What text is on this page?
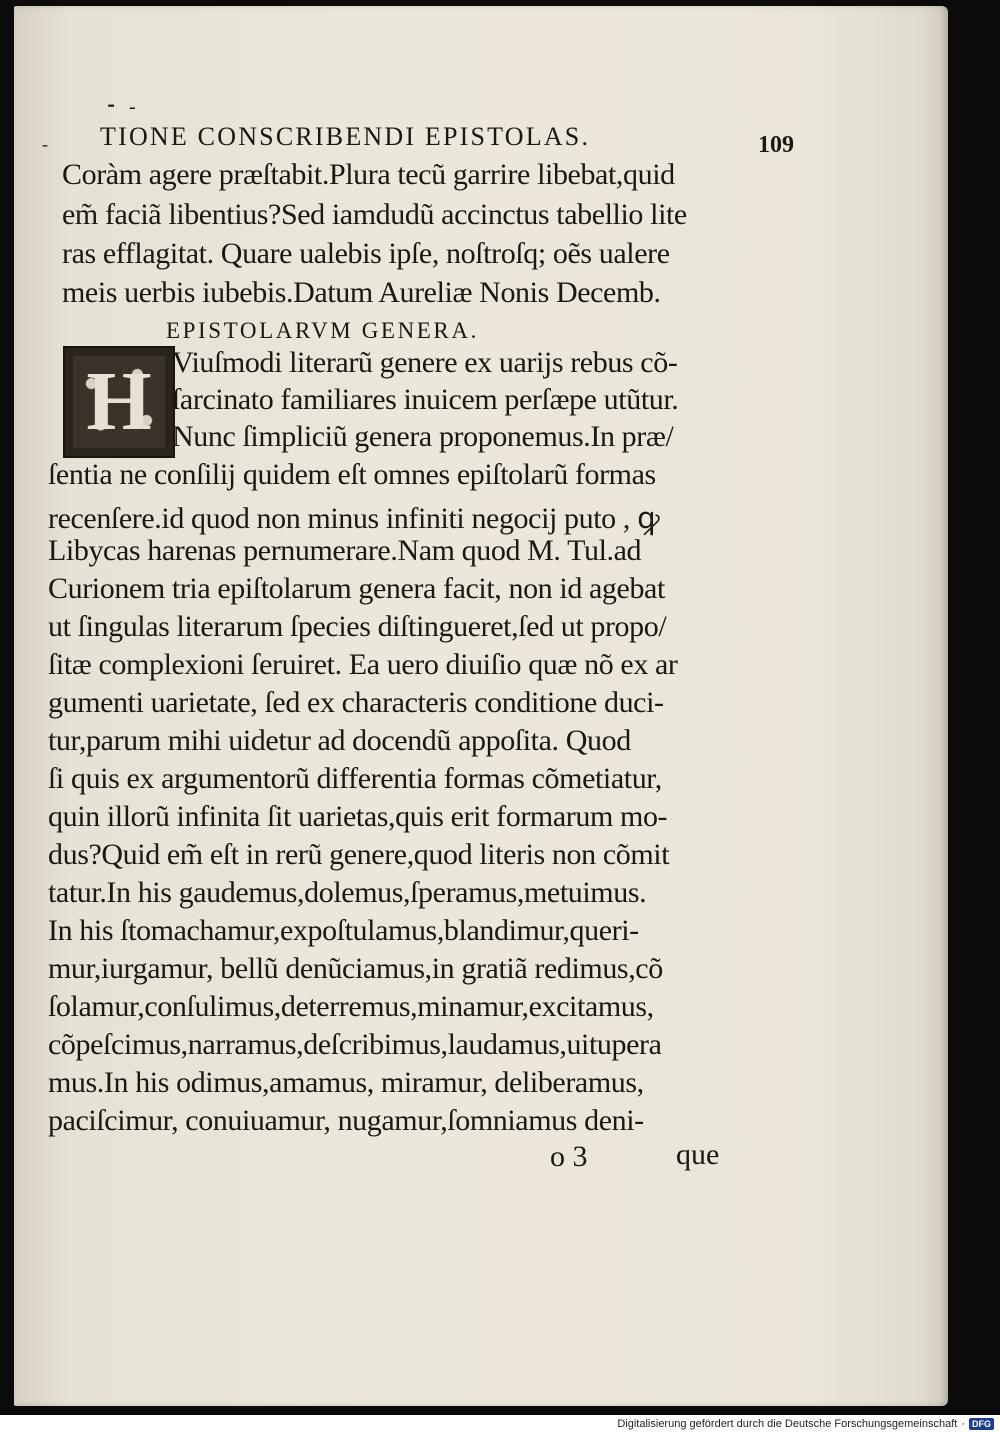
⁃ -
- TIONE CONSCRIBENDI EPISTOLAS.	109
Coràm agere præſtabit.Plura tecũ garrire libebat,quid
em̃ faciã libentius?Sed iamdudũ accinctus tabellio lite
ras efflagitat. Quare ualebis ipſe, noſtroſq; oẽs ualere
meis uerbis iubebis.Datum Aureliæ Nonis Decemb.
EPISTOLARVM GENERA.
H Viuſmodi literarũ genere ex uarijs rebus cõ-
ſarcinato familiares inuicem perſæpe utũtur.
Nunc ſimpliciũ genera proponemus.In præ/
ſentia ne conſilij quidem eſt omnes epiſtolarũ formas
recenſere.id quod non minus infiniti negocij puto , ꝙ
Libycas harenas pernumerare.Nam quod M. Tul.ad
Curionem tria epiſtolarum genera facit, non id agebat
ut ſingulas literarum ſpecies diſtingueret,ſed ut propo/
ſitæ complexioni ſeruiret. Ea uero diuiſio quæ nõ ex ar
gumenti uarietate, ſed ex characteris conditione duci-
tur,parum mihi uidetur ad docendũ appoſita. Quod
ſi quis ex argumentorũ differentia formas cõmetiatur,
quin illorũ infinita ſit uarietas,quis erit formarum mo-
dus?Quid em̃ eſt in rerũ genere,quod literis non cõmit
tatur.In his gaudemus,dolemus,ſperamus,metuimus.
In his ſtomachamur,expoſtulamus,blandimur,queri-
mur,iurgamur, bellũ denũciamus,in gratiã redimus,cõ
ſolamur,conſulimus,deterremus,minamur,excitamus,
cõpeſcimus,narramus,deſcribimus,laudamus,uitupera
mus.In his odimus,amamus, miramur, deliberamus,
paciſcimur, conuiuamur, nugamur,ſomniamus deni-
o 3	que
Digitalisierung gefördert durch die Deutsche Forschungsgemeinschaft · DFG
